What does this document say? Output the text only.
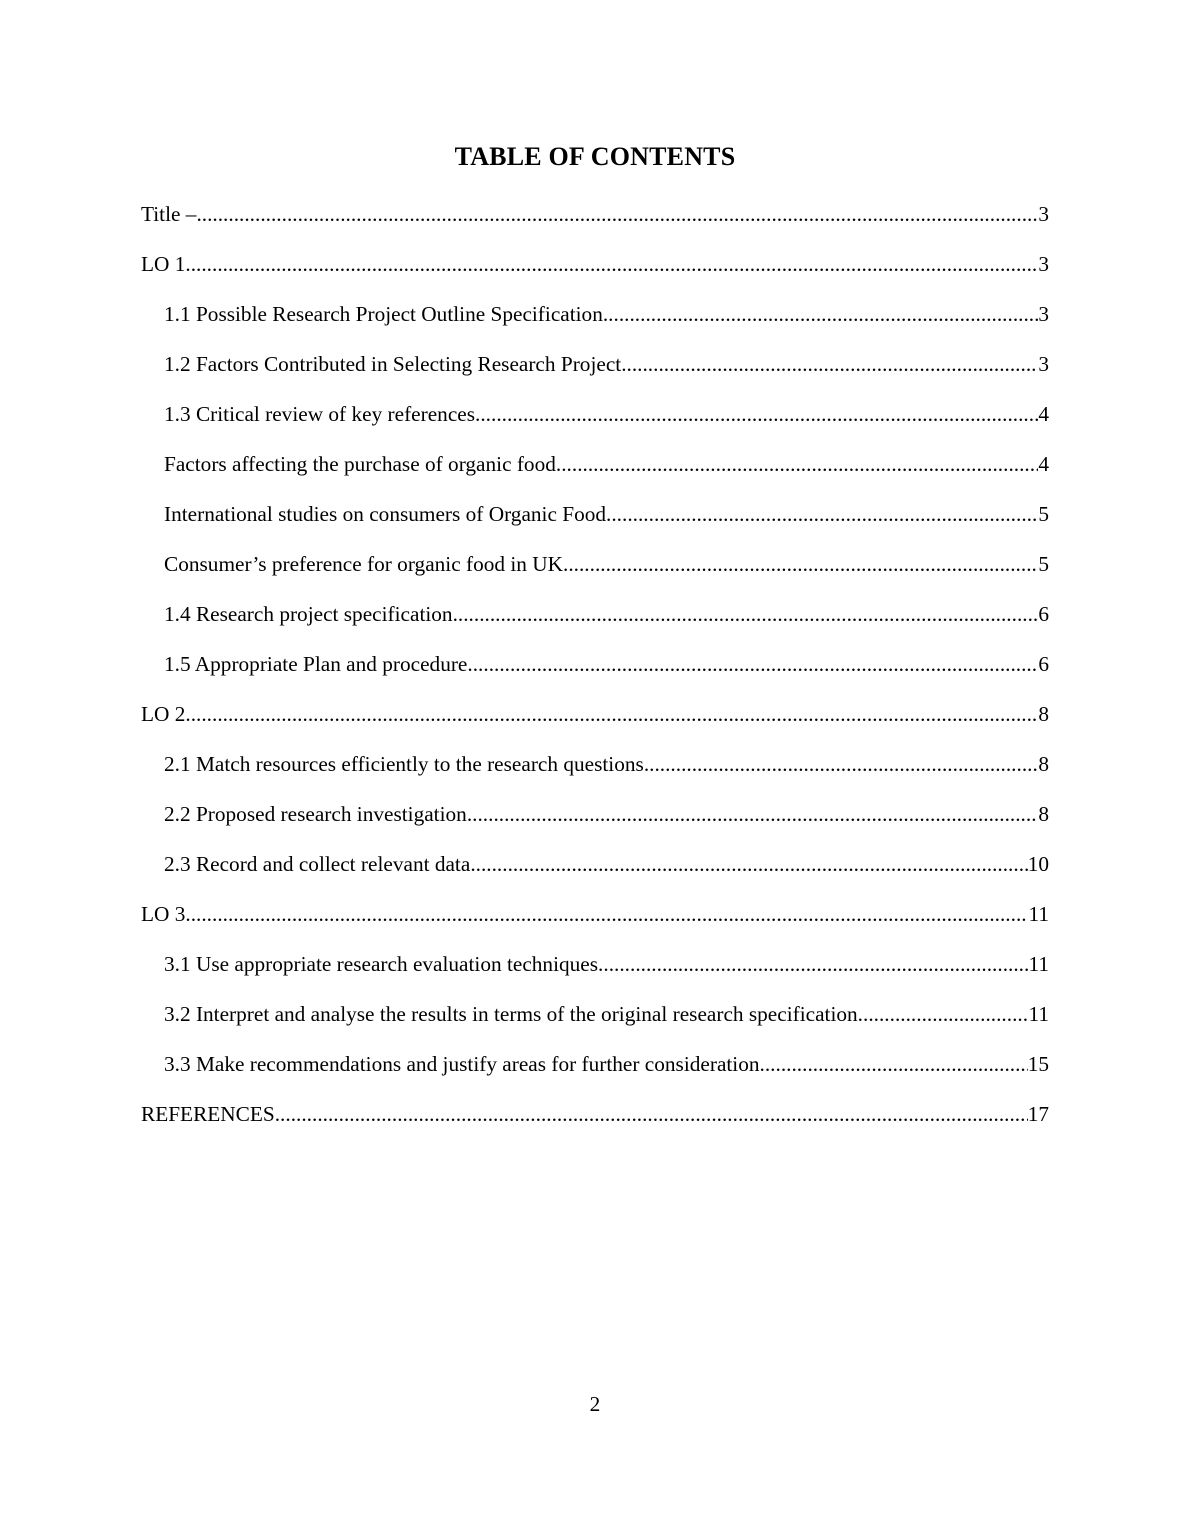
TABLE OF CONTENTS
Title – .....	3
LO 1 .....	3
1.1 Possible Research Project Outline Specification .....	3
1.2 Factors Contributed in Selecting Research Project .....	3
1.3 Critical review of key references .....	4
Factors affecting the purchase of organic food .....	4
International studies on consumers of Organic Food .....	5
Consumer’s preference for organic food in UK .....	5
1.4 Research project specification .....	6
1.5 Appropriate Plan and procedure .....	6
LO 2 .....	8
2.1 Match resources efficiently to the research questions .....	8
2.2 Proposed research investigation .....	8
2.3 Record and collect relevant data .....	10
LO 3 .....	11
3.1 Use appropriate research evaluation techniques .....	11
3.2 Interpret and analyse the results in terms of the original research specification .....	11
3.3 Make recommendations and justify areas for further consideration .....	15
REFERENCES .....	17
2
